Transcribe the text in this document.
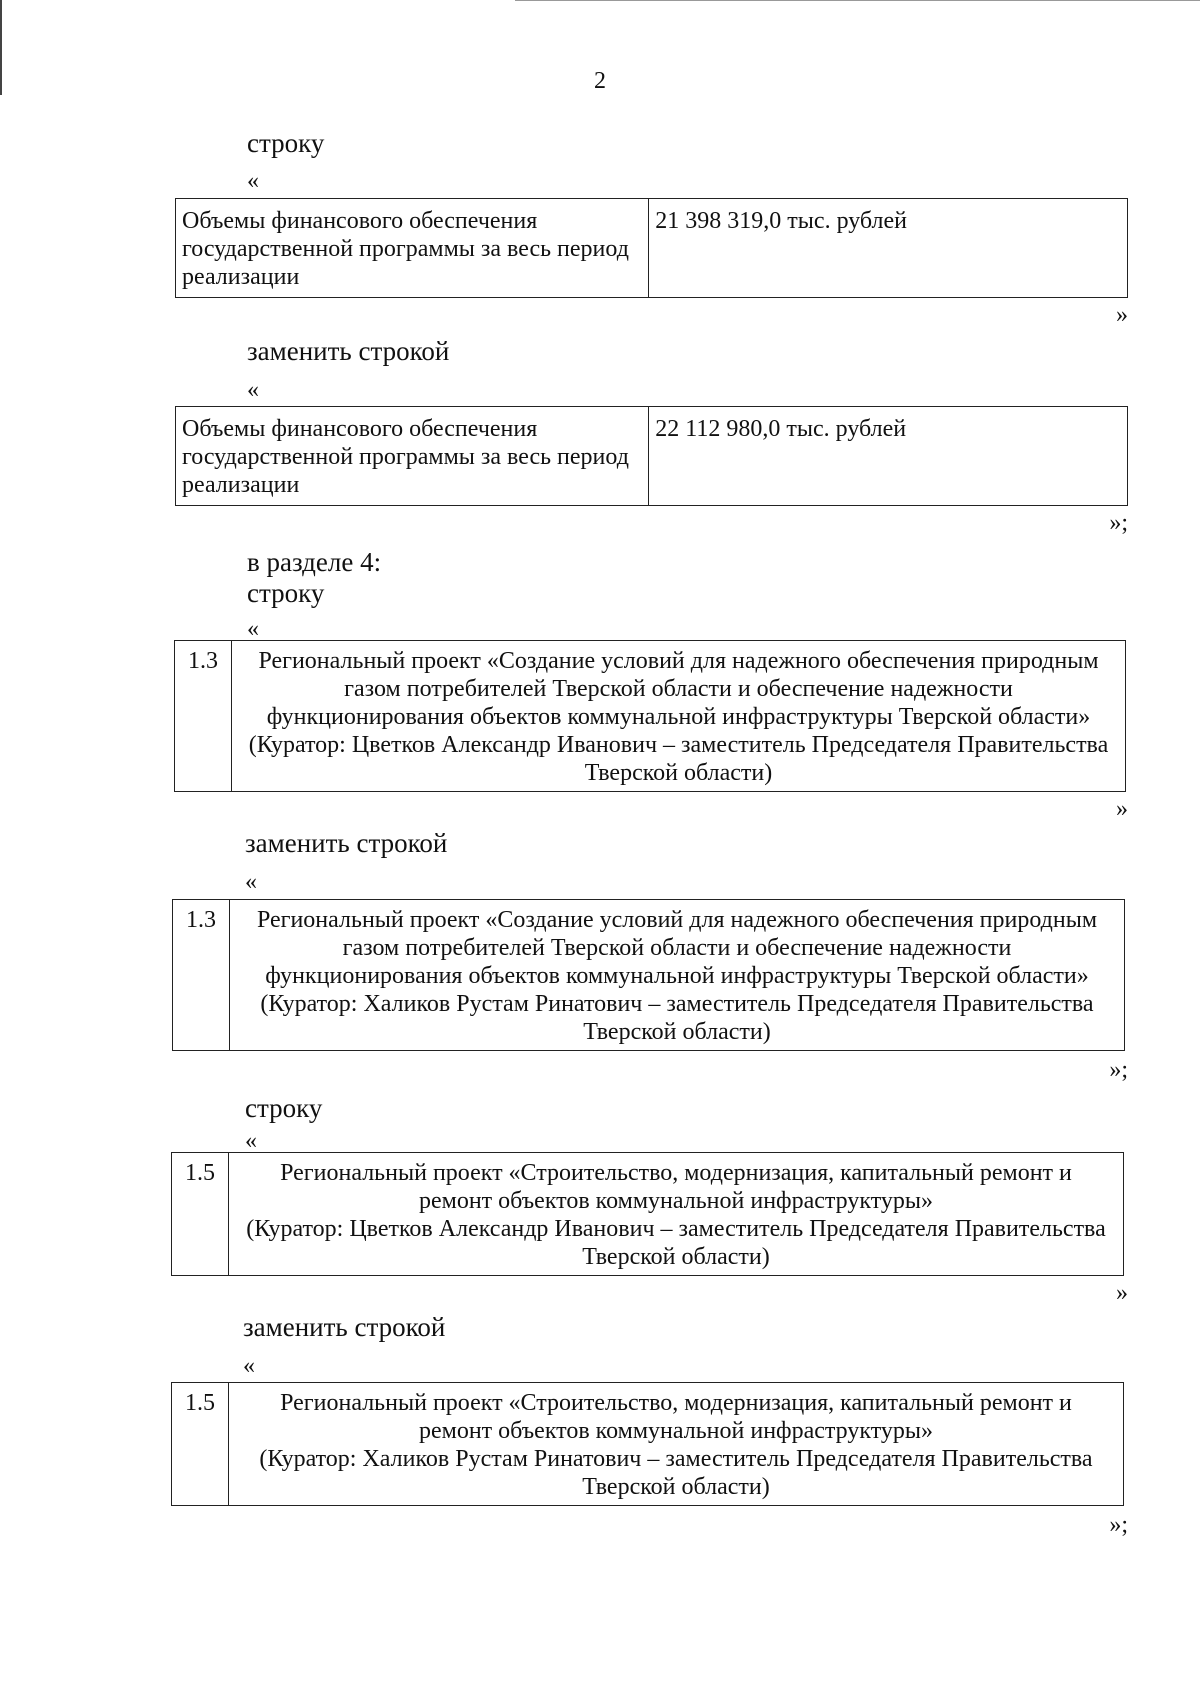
2
строку
«
Объемы финансового обеспечения
государственной программы за весь период
реализации
	21 398 319,0 тыс. рублей
»
заменить строкой
«
Объемы финансового обеспечения
государственной программы за весь период
реализации
	22 112 980,0 тыс. рублей
»;
в разделе 4:
строку
«
1.3	Региональный проект «Создание условий для надежного обеспечения природным
газом потребителей Тверской области и обеспечение надежности
функционирования объектов коммунальной инфраструктуры Тверской области»
(Куратор: Цветков Александр Иванович – заместитель Председателя Правительства
Тверской области)
»
заменить строкой
«
1.3	Региональный проект «Создание условий для надежного обеспечения природным
газом потребителей Тверской области и обеспечение надежности
функционирования объектов коммунальной инфраструктуры Тверской области»
(Куратор: Халиков Рустам Ринатович – заместитель Председателя Правительства
Тверской области)
»;
строку
«
1.5	Региональный проект «Строительство, модернизация, капитальный ремонт и
ремонт объектов коммунальной инфраструктуры»
(Куратор: Цветков Александр Иванович – заместитель Председателя Правительства
Тверской области)
»
заменить строкой
«
1.5	Региональный проект «Строительство, модернизация, капитальный ремонт и
ремонт объектов коммунальной инфраструктуры»
(Куратор: Халиков Рустам Ринатович – заместитель Председателя Правительства
Тверской области)
»;
